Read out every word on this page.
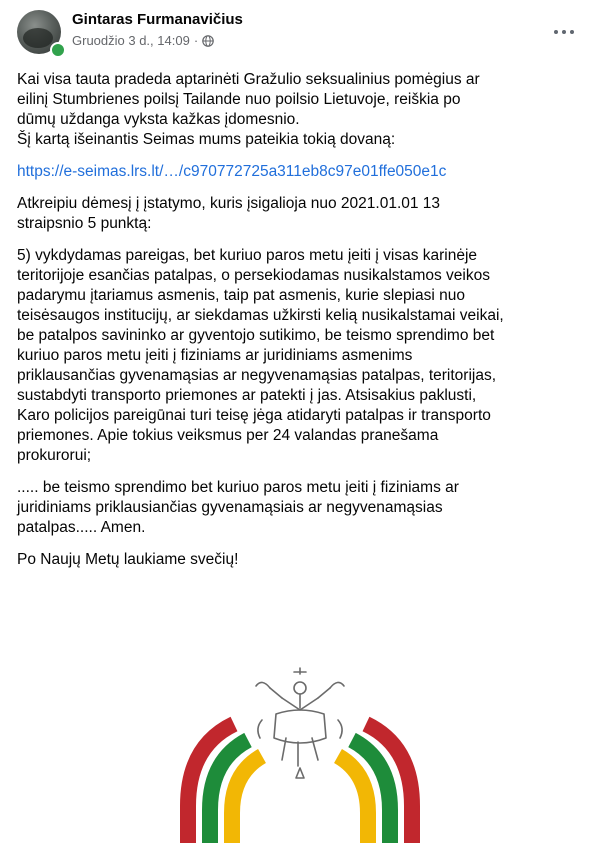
Gintaras Furmanavičius
Gruodžio 3 d., 14:09 ·

Kai visa tauta pradeda aptarinėti Gražulio seksualinius pomėgius ar
eilinį Stumbrienes poilsį Tailande nuo poilsio Lietuvoje, reiškia po
dūmų uždanga vyksta kažkas įdomesnio.
Šį kartą išeinantis Seimas mums pateikia tokią dovaną:

https://e-seimas.lrs.lt/…/c970772725a311eb8c97e01ffe050e1c

Atkreipiu dėmesį į įstatymo, kuris įsigalioja nuo 2021.01.01 13
straipsnio 5 punktą:

5) vykdydamas pareigas, bet kuriuo paros metu įeiti į visas karinėje
teritorijoje esančias patalpas, o persekiodamas nusikalstamos veikos
padarymu įtariamus asmenis, taip pat asmenis, kurie slepiasi nuo
teisėsaugos institucijų, ar siekdamas užkirsti kelią nusikalstamai veikai,
be patalpos savininko ar gyventojo sutikimo, be teismo sprendimo bet
kuriuo paros metu įeiti į fiziniams ar juridiniams asmenims
priklausančias gyvenamąsias ar negyvenamąsias patalpas, teritorijas,
sustabdyti transporto priemones ar patekti į jas. Atsisakius paklusti,
Karo policijos pareigūnai turi teisę jėga atidaryti patalpas ir transporto
priemones. Apie tokius veiksmus per 24 valandas pranešama
prokurorui;

..... be teismo sprendimo bet kuriuo paros metu įeiti į fiziniams ar
juridiniams priklausiančias gyvenamąsiais ar negyvenamąsias
patalpas..... Amen.

Po Naujų Metų laukiame svečių!
